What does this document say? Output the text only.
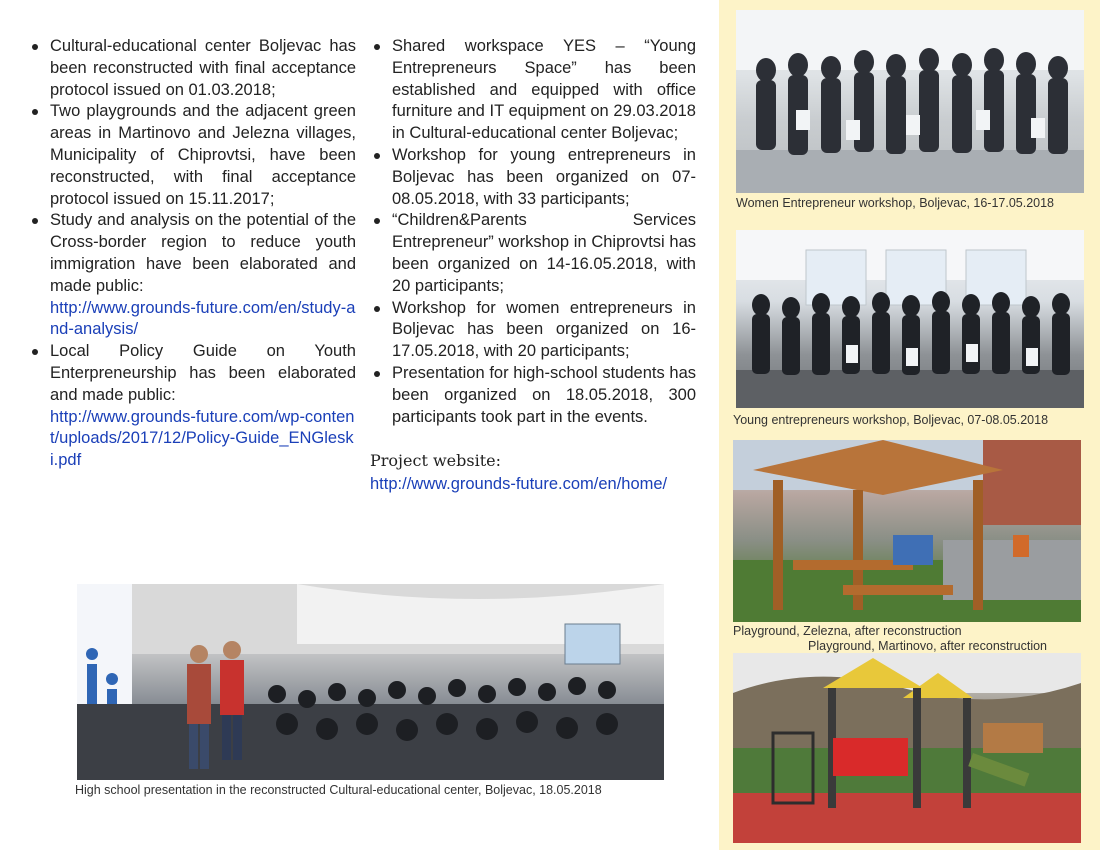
Cultural-educational center Boljevac has been reconstructed with final acceptance protocol issued on 01.03.2018;
Two playgrounds and the adjacent green areas in Martinovo and Jelezna villages, Municipality of Chiprovtsi, have been reconstructed, with final acceptance protocol issued on 15.11.2017;
Study and analysis on the potential of the Cross-border region to reduce youth immigration have been elaborated and made public:
http://www.grounds-future.com/en/study-and-analysis/
Local Policy Guide on Youth Enterpreneurship has been elaborated and made public:
http://www.grounds-future.com/wp-content/uploads/2017/12/Policy-Guide_ENGleski.pdf
Shared workspace YES – “Young Entrepreneurs Space” has been established and equipped with office furniture and IT equipment on 29.03.2018 in Cultural-educational center Boljevac;
Workshop for young entrepreneurs in Boljevac has been organized on 07-08.05.2018, with 33 participants;
“Children&Parents Services Entrepreneur” workshop in Chiprovtsi has been organized on 14-16.05.2018, with 20 participants;
Workshop for women entrepreneurs in Boljevac has been organized on 16-17.05.2018, with 20 participants;
Presentation for high-school students has been organized on 18.05.2018, 300 participants took part in the events.
Project website:
http://www.grounds-future.com/en/home/
Women Entrepreneur workshop, Boljevac, 16-17.05.2018
Young entrepreneurs workshop, Boljevac, 07-08.05.2018
Playground, Zelezna, after reconstruction
Playground, Martinovo, after reconstruction
High school presentation in the reconstructed Cultural-educational center, Boljevac, 18.05.2018
